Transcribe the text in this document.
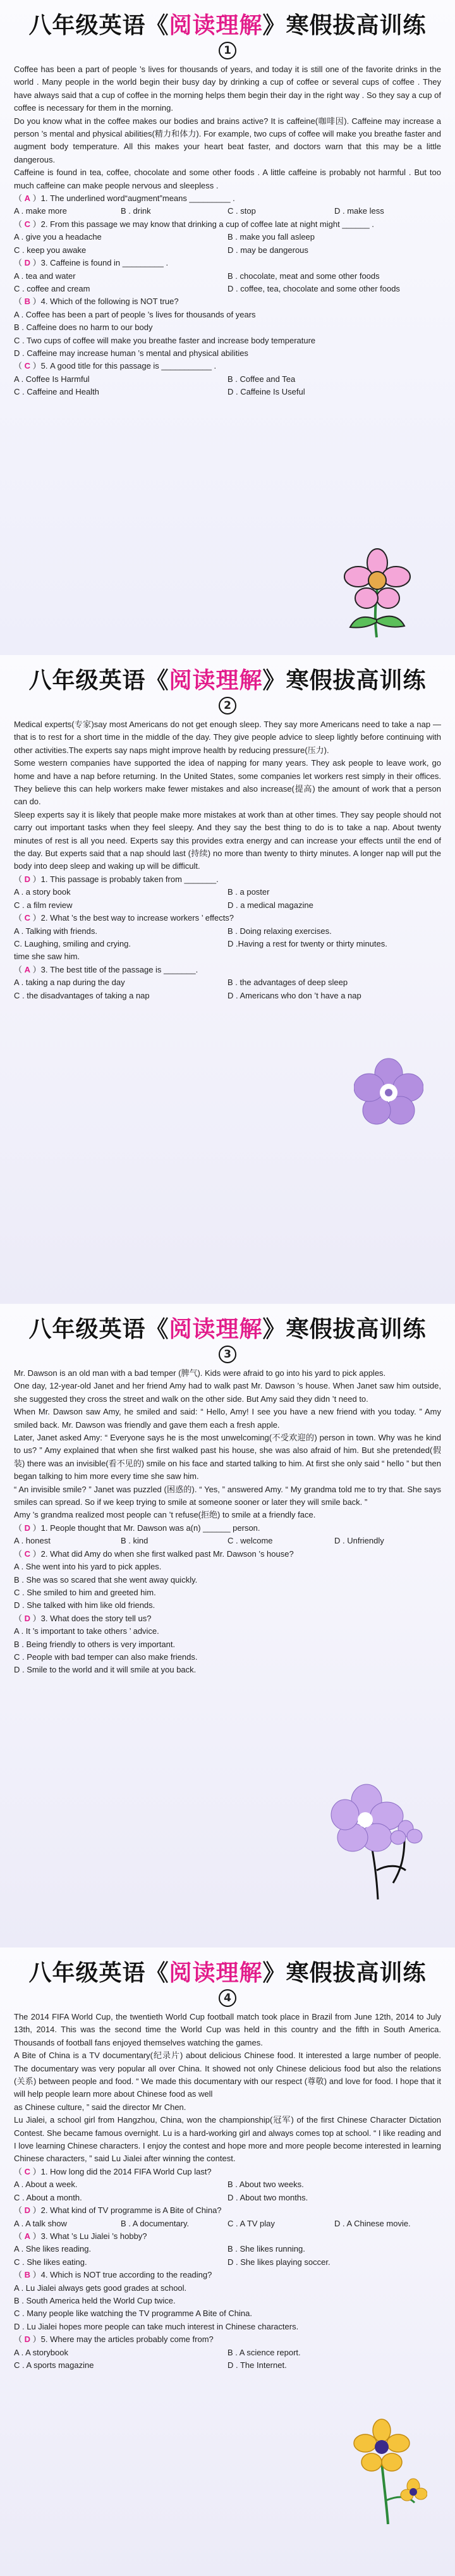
八年级英语《阅读理解》寒假拔高训练
1

Coffee has been a part of people ’s lives for thousands of years, and today it is still one of the favorite drinks in the world . Many people in the world begin their busy day by drinking a cup of coffee or several cups of coffee . They have always said that a cup of coffee in the morning helps them begin their day in the right way . So they say a cup of coffee is necessary for them in the morning.

Do you know what in the coffee makes our bodies and brains active? It is caffeine(咖啡因). Caffeine may increase a person ’s mental and physical abilities(精力和体力). For example, two cups of coffee will make you breathe faster and augment body temperature. All this makes your heart beat faster, and doctors warn that this may be a little dangerous.

Caffeine is found in tea, coffee, chocolate and some other foods . A little caffeine is probably not harmful . But too much caffeine can make people nervous and sleepless .

（ A ）1. The underlined word“augment”means _________ .

A . make more	B . drink	C . stop	D . make less

（ C ）2. From this passage we may know that drinking a cup of coffee late at night might ______ .

A . give you a headache	B . make you fall asleep
C . keep you awake	D . may be dangerous

（ D ）3. Caffeine is found in _________ .

A . tea and water	B . chocolate, meat and some other foods
C . coffee and cream	D . coffee, tea, chocolate and some other foods

（ B ）4. Which of the following is NOT true?

A . Coffee has been a part of people ’s lives for thousands of years
B . Caffeine does no harm to our body
C . Two cups of coffee will make you breathe faster and increase body temperature
D . Caffeine may increase human ’s mental and physical abilities

（ C ）5. A good title for this passage is ___________ .

A . Coffee Is Harmful	B . Coffee and Tea
C . Caffeine and Health	D . Caffeine Is Useful
八年级英语《阅读理解》寒假拔高训练
2

Medical experts(专家)say most Americans do not get enough sleep. They say more Americans need to take a nap — that is to rest for a short time in the middle of the day. They give people advice to sleep lightly before continuing with other activities.The experts say naps might improve health by reducing pressure(压力).

Some western companies have supported the idea of napping for many years. They ask people to leave work, go home and have a nap before returning. In the United States, some companies let workers rest simply in their offices. They believe this can help workers make fewer mistakes and also increase(提高) the amount of work that a person can do.

Sleep experts say it is likely that people make more mistakes at work than at other times. They say people should not carry out important tasks when they feel sleepy. And they say the best thing to do is to take a nap. About twenty minutes of rest is all you need. Experts say this provides extra energy and can increase your effects until the end of the day. But experts said that a nap should last (持续) no more than twenty to thirty minutes. A longer nap will put the body into deep sleep and waking up will be difficult.

（ D ）1. This passage is probably taken from _______.

A . a story book	B . a poster
C . a film review	D . a medical magazine

（ C ）2. What ’s the best way to increase workers ’ effects?

A . Talking with friends.	B . Doing relaxing exercises.
C. Laughing, smiling and crying.	D .Having a rest for twenty or thirty minutes.
time she saw him.

（ A ）3. The best title of the passage is _______.

A . taking a nap during the day	B . the advantages of deep sleep
C . the disadvantages of taking a nap	D . Americans who don ’t have a nap
八年级英语《阅读理解》寒假拔高训练
3

Mr. Dawson is an old man with a bad temper (脾气). Kids were afraid to go into his yard to pick apples.

One day, 12-year-old Janet and her friend Amy had to walk past Mr. Dawson ’s house. When Janet saw him outside, she suggested they cross the street and walk on the other side. But Amy said they didn ’t need to.

When Mr. Dawson saw Amy, he smiled and said: “ Hello, Amy! I see you have a new friend with you today. ” Amy smiled back. Mr. Dawson was friendly and gave them each a fresh apple.

Later, Janet asked Amy: “ Everyone says he is the most unwelcoming(不受欢迎的) person in town. Why was he kind to us? ” Amy explained that when she first walked past his house, she was also afraid of him. But she pretended(假装) there was an invisible(看不见的) smile on his face and started talking to him. At first she only said “ hello ” but then began talking to him more every time she saw him.

“ An invisible smile? ” Janet was puzzled (困惑的). “ Yes, ” answered Amy. “ My grandma told me to try that. She says smiles can spread. So if we keep trying to smile at someone sooner or later they will smile back. ”

Amy ’s grandma realized most people can ’t refuse(拒绝) to smile at a friendly face.

（ D ）1. People thought that Mr. Dawson was a(n) ______ person.

A . honest	B . kind	C . welcome	D . Unfriendly

（ C ）2. What did Amy do when she first walked past Mr. Dawson ’s house?

A . She went into his yard to pick apples.
B . She was so scared that she went away quickly.
C . She smiled to him and greeted him.
D . She talked with him like old friends.

（ D ）3. What does the story tell us?

A . It ’s important to take others ’ advice.
B . Being friendly to others is very important.
C . People with bad temper can also make friends.
D . Smile to the world and it will smile at you back.
八年级英语《阅读理解》寒假拔高训练
4

The 2014 FIFA World Cup, the twentieth World Cup football match took place in Brazil from June 12th, 2014 to July 13th, 2014. This was the second time the World Cup was held in this country and the fifth in South America. Thousands of football fans enjoyed themselves watching the games.

A Bite of China is a TV documentary(纪录片) about delicious Chinese food. It interested a large number of people. The documentary was very popular all over China. It showed not only Chinese delicious food but also the relations (关系) between people and food. “ We made this documentary with our respect (尊敬) and love for food. I hope that it will help people learn more about Chinese food as well

as Chinese culture, ” said the director Mr Chen.

Lu Jialei, a school girl from Hangzhou, China, won the championship(冠军) of the first Chinese Character Dictation Contest. She became famous overnight. Lu is a hard-working girl and always comes top at school. “ I like reading and I love learning Chinese characters. I enjoy the contest and hope more and more people become interested in learning Chinese characters, ” said Lu Jialei after winning the contest.

（ C ）1. How long did the 2014 FIFA World Cup last?

A . About a week.	B . About two weeks.
C . About a month.	D . About two months.

（ D ）2. What kind of TV programme is A Bite of China?

A . A talk show	B . A documentary.	C . A TV play	D . A Chinese movie.

（ A ）3. What ’s Lu Jialei ’s hobby?

A . She likes reading.	B . She likes running.
C . She likes eating.	D . She likes playing soccer.

（ B ）4. Which is NOT true according to the reading?

A . Lu Jialei always gets good grades at school.
B . South America held the World Cup twice.
C . Many people like watching the TV programme A Bite of China.
D . Lu Jialei hopes more people can take much interest in Chinese characters.

（ D ）5. Where may the articles probably come from?

A . A storybook	B . A science report.
C . A sports magazine	D . The Internet.
